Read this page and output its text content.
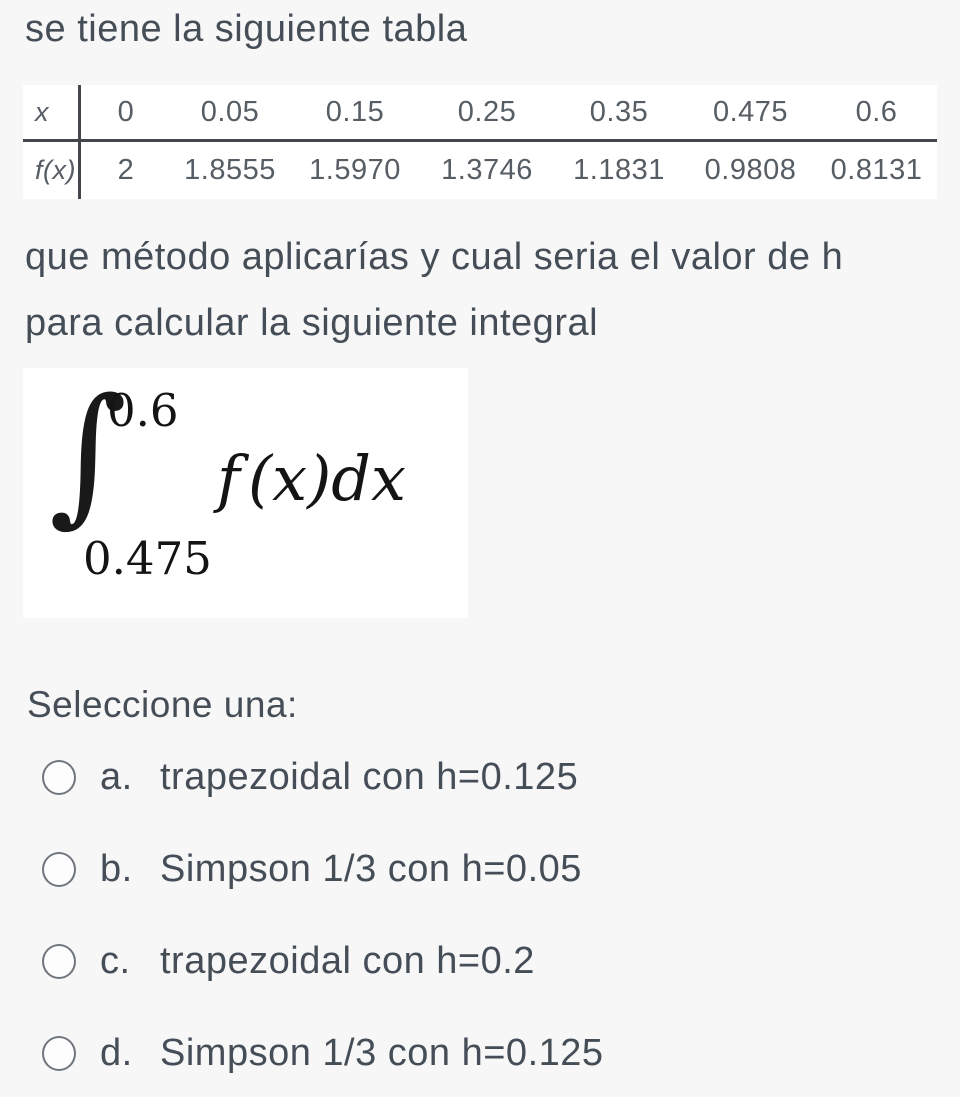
se tiene la siguiente tabla
x	0	0.05	0.15	0.25	0.35	0.475	0.6
f(x)	2	1.8555	1.5970	1.3746	1.1831	0.9808	0.8131
que método aplicarías y cual seria el valor de h
para calcular la siguiente integral
∫
0.6
0.475
f (x)dx
Seleccione una:
a. trapezoidal con h=0.125
b. Simpson 1/3 con h=0.05
c. trapezoidal con h=0.2
d. Simpson 1/3 con h=0.125
